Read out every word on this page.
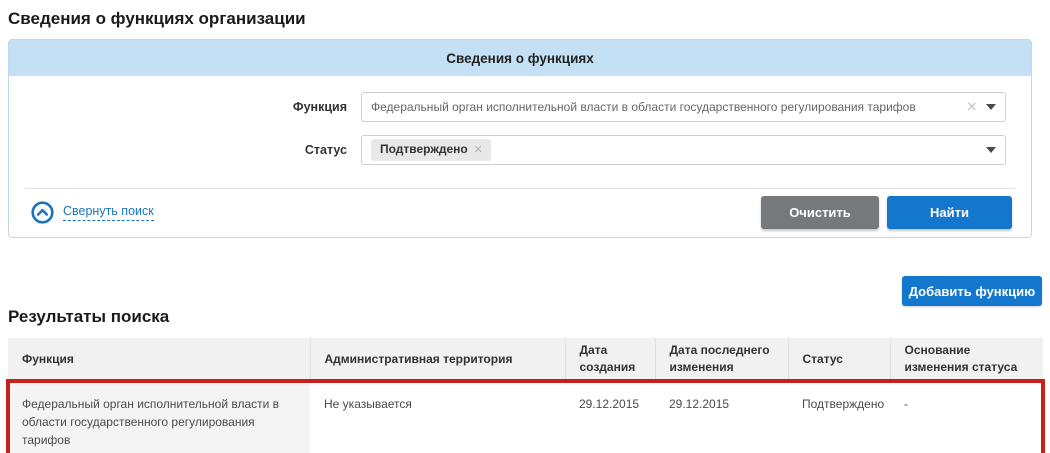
Сведения о функциях организации
Сведения о функциях
Функция	Федеральный орган исполнительной власти в области государственного регулирования тарифов	×
Статус	Подтверждено ×
Свернуть поиск	Очистить	Найти
Добавить функцию
Результаты поиска
Функция	Административная территория	Дата создания	Дата последнего изменения	Статус	Основание изменения статуса
Федеральный орган исполнительной власти в области государственного регулирования тарифов	Не указывается	29.12.2015	29.12.2015	Подтверждено	-
